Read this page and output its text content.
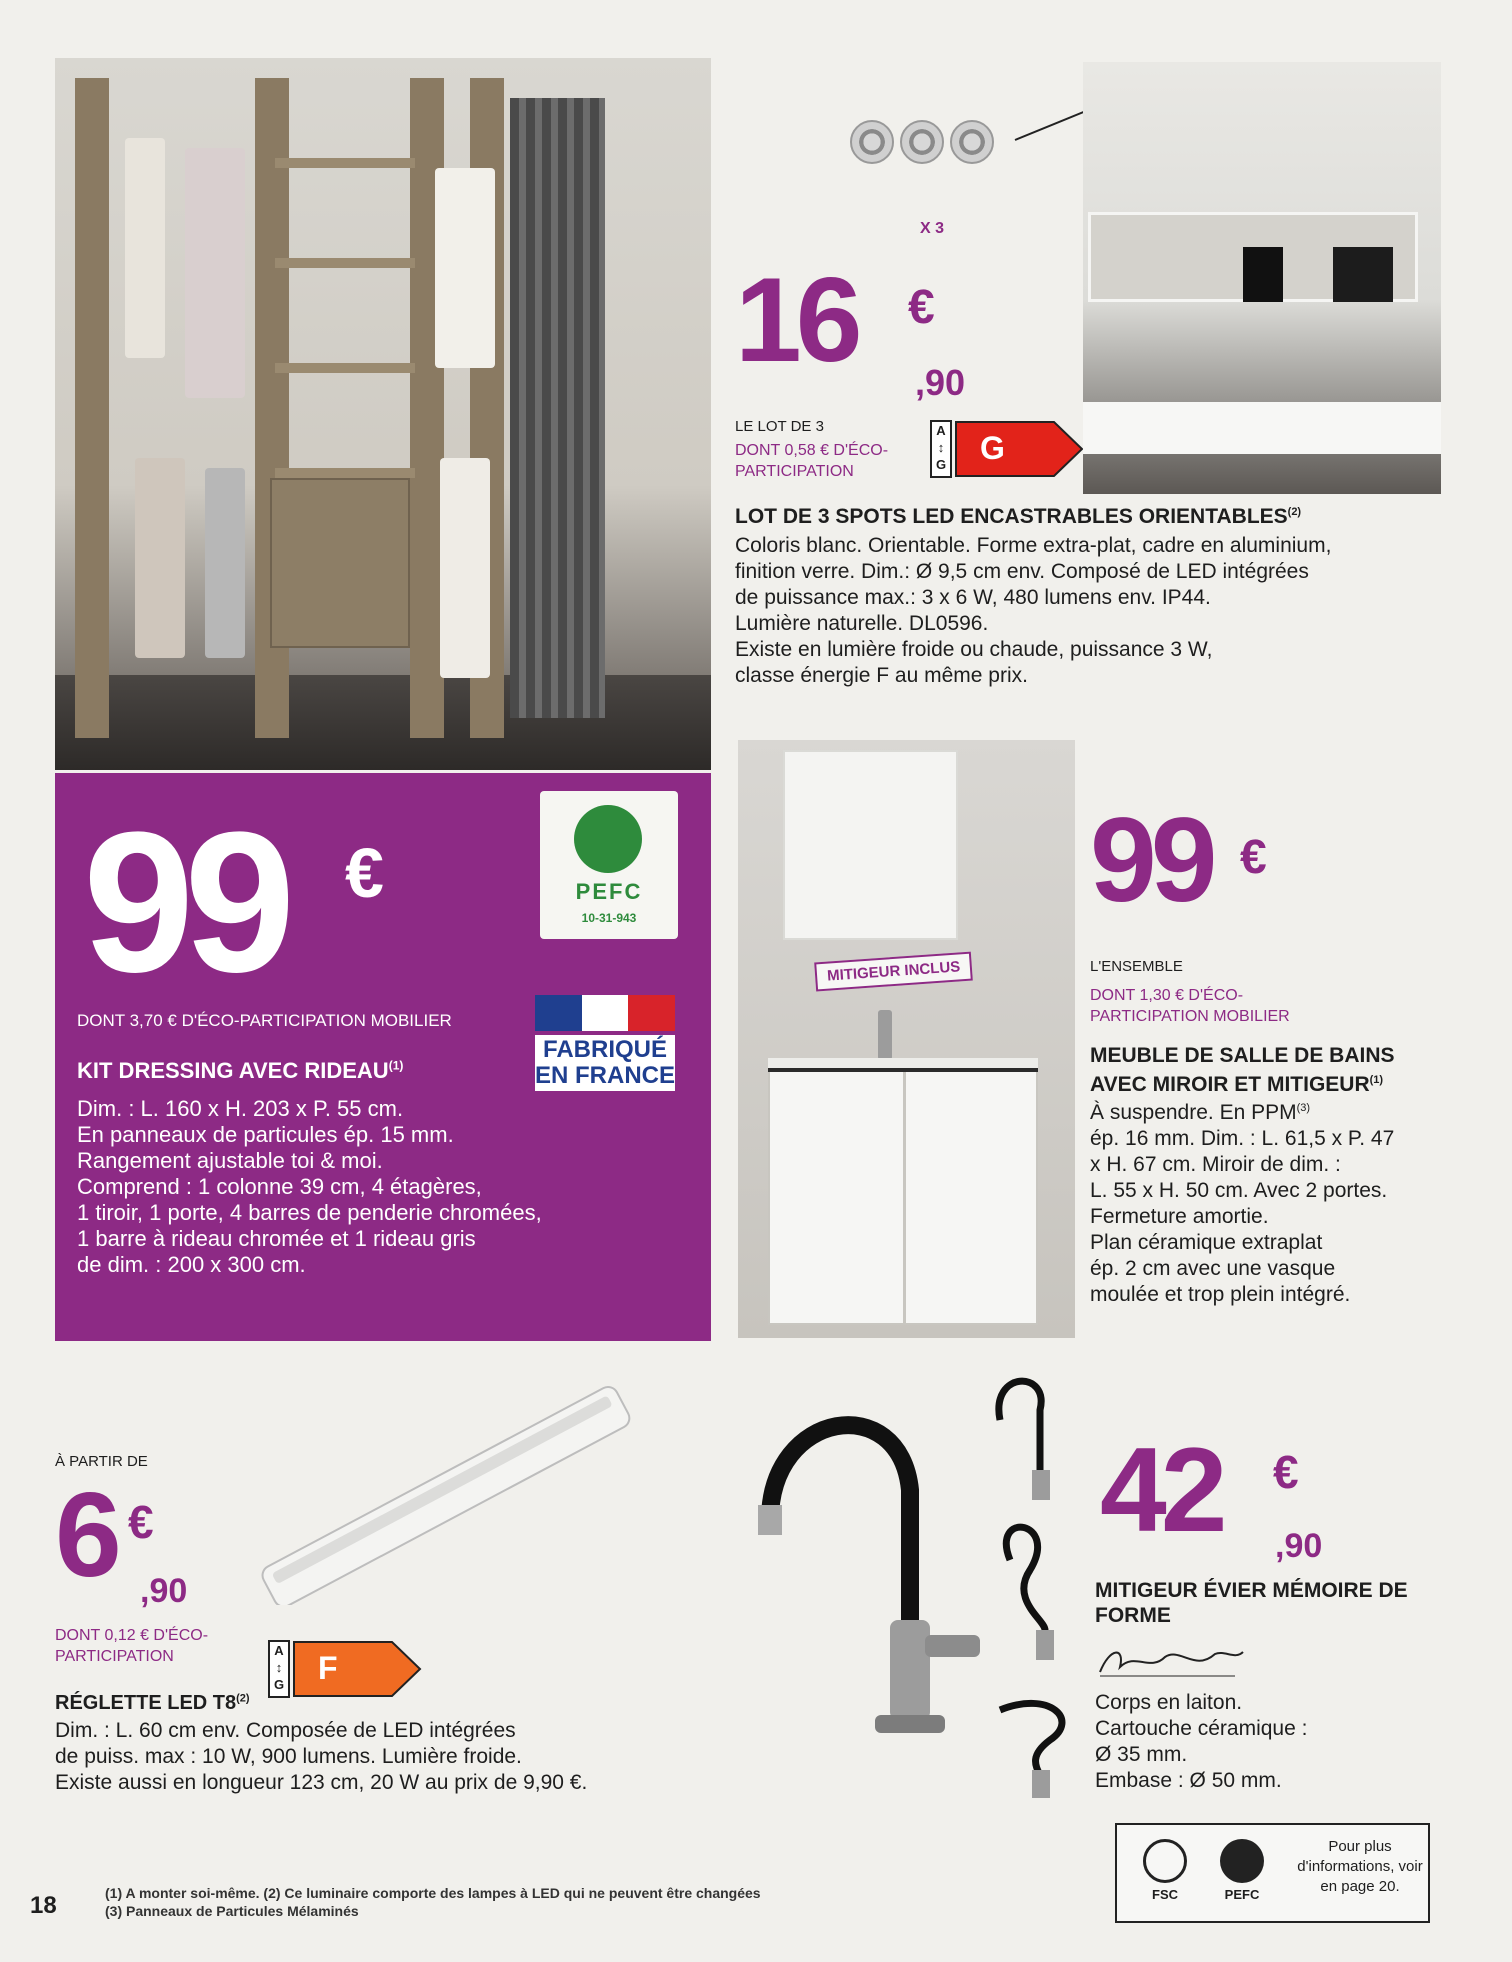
99 €
DONT 3,70 € D'ÉCO-PARTICIPATION MOBILIER
KIT DRESSING AVEC RIDEAU$^{(1)}$
Dim. : L. 160 x H. 203 x P. 55 cm.
En panneaux de particules ép. 15 mm.
Rangement ajustable toi & moi.
Comprend : 1 colonne 39 cm, 4 étagères,
1 tiroir, 1 porte, 4 barres de penderie chromées,
1 barre à rideau chromée et 1 rideau gris
de dim. : 200 x 300 cm.
PEFC
10-31-943
FABRIQUÉ EN FRANCE
X 3
16 €
,90
LE LOT DE 3
DONT 0,58 € D'ÉCO-PARTICIPATION
A
↕
G G
LOT DE 3 SPOTS LED ENCASTRABLES ORIENTABLES$^{(2)}$
Coloris blanc. Orientable. Forme extra-plat, cadre en aluminium,
finition verre. Dim.: Ø 9,5 cm env. Composé de LED intégrées
de puissance max.: 3 x 6 W, 480 lumens env. IP44.
Lumière naturelle. DL0596.
Existe en lumière froide ou chaude, puissance 3 W,
classe énergie F au même prix.
MITIGEUR INCLUS
99 €
L'ENSEMBLE
DONT 1,30 € D'ÉCO-PARTICIPATION MOBILIER
MEUBLE DE SALLE DE BAINS AVEC MIROIR ET MITIGEUR$^{(1)}$
À suspendre. En PPM$^{(3)}$
ép. 16 mm. Dim. : L. 61,5 x P. 47
x H. 67 cm. Miroir de dim. :
L. 55 x H. 50 cm. Avec 2 portes.
Fermeture amortie.
Plan céramique extraplat
ép. 2 cm avec une vasque
moulée et trop plein intégré.
À PARTIR DE
6 €
,90
DONT 0,12 € D'ÉCO-PARTICIPATION	A
↕
G F
RÉGLETTE LED T8$^{(2)}$
Dim. : L. 60 cm env. Composée de LED intégrées
de puiss. max : 10 W, 900 lumens. Lumière froide.
Existe aussi en longueur 123 cm, 20 W au prix de 9,90 €.
42 €
,90
MITIGEUR ÉVIER MÉMOIRE DE FORME
Corps en laiton.
Cartouche céramique :
Ø 35 mm.
Embase : Ø 50 mm.
FSC	PEFC
Pour plus d'informations, voir en page 20.
18	(1) A monter soi-même. (2) Ce luminaire comporte des lampes à LED qui ne peuvent être changées
(3) Panneaux de Particules Mélaminés
